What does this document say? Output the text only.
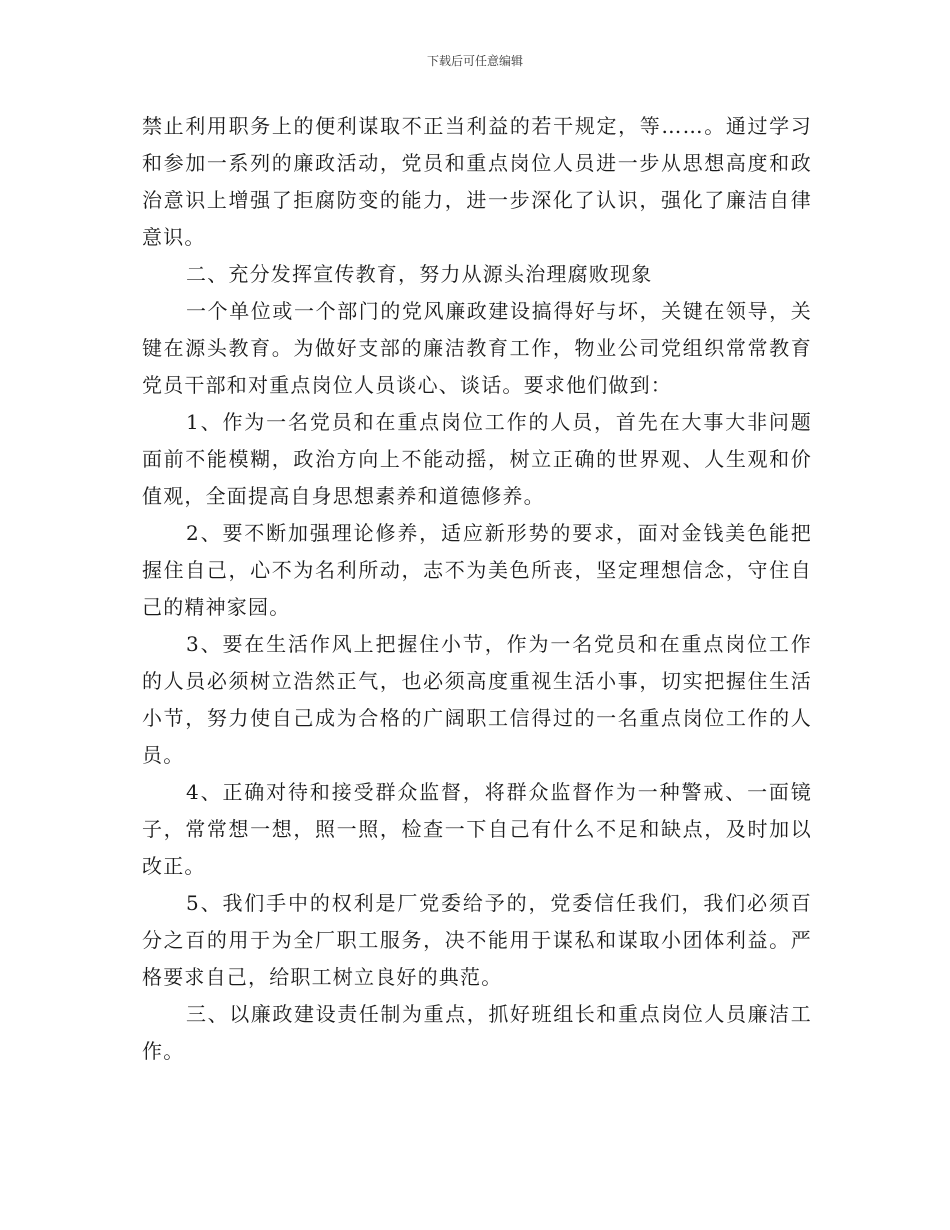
下载后可任意编辑

禁止利用职务上的便利谋取不正当利益的若干规定，等……。通过学习和参加一系列的廉政活动，党员和重点岗位人员进一步从思想高度和政治意识上增强了拒腐防变的能力，进一步深化了认识，强化了廉洁自律意识。

二、充分发挥宣传教育，努力从源头治理腐败现象

一个单位或一个部门的党风廉政建设搞得好与坏，关键在领导，关键在源头教育。为做好支部的廉洁教育工作，物业公司党组织常常教育党员干部和对重点岗位人员谈心、谈话。要求他们做到：

1、作为一名党员和在重点岗位工作的人员，首先在大事大非问题面前不能模糊，政治方向上不能动摇，树立正确的世界观、人生观和价值观，全面提高自身思想素养和道德修养。

2、要不断加强理论修养，适应新形势的要求，面对金钱美色能把握住自己，心不为名利所动，志不为美色所丧，坚定理想信念，守住自己的精神家园。

3、要在生活作风上把握住小节，作为一名党员和在重点岗位工作的人员必须树立浩然正气，也必须高度重视生活小事，切实把握住生活小节，努力使自己成为合格的广阔职工信得过的一名重点岗位工作的人员。

4、正确对待和接受群众监督，将群众监督作为一种警戒、一面镜子，常常想一想，照一照，检查一下自己有什么不足和缺点，及时加以改正。

5、我们手中的权利是厂党委给予的，党委信任我们，我们必须百分之百的用于为全厂职工服务，决不能用于谋私和谋取小团体利益。严格要求自己，给职工树立良好的典范。

三、以廉政建设责任制为重点，抓好班组长和重点岗位人员廉洁工作。
